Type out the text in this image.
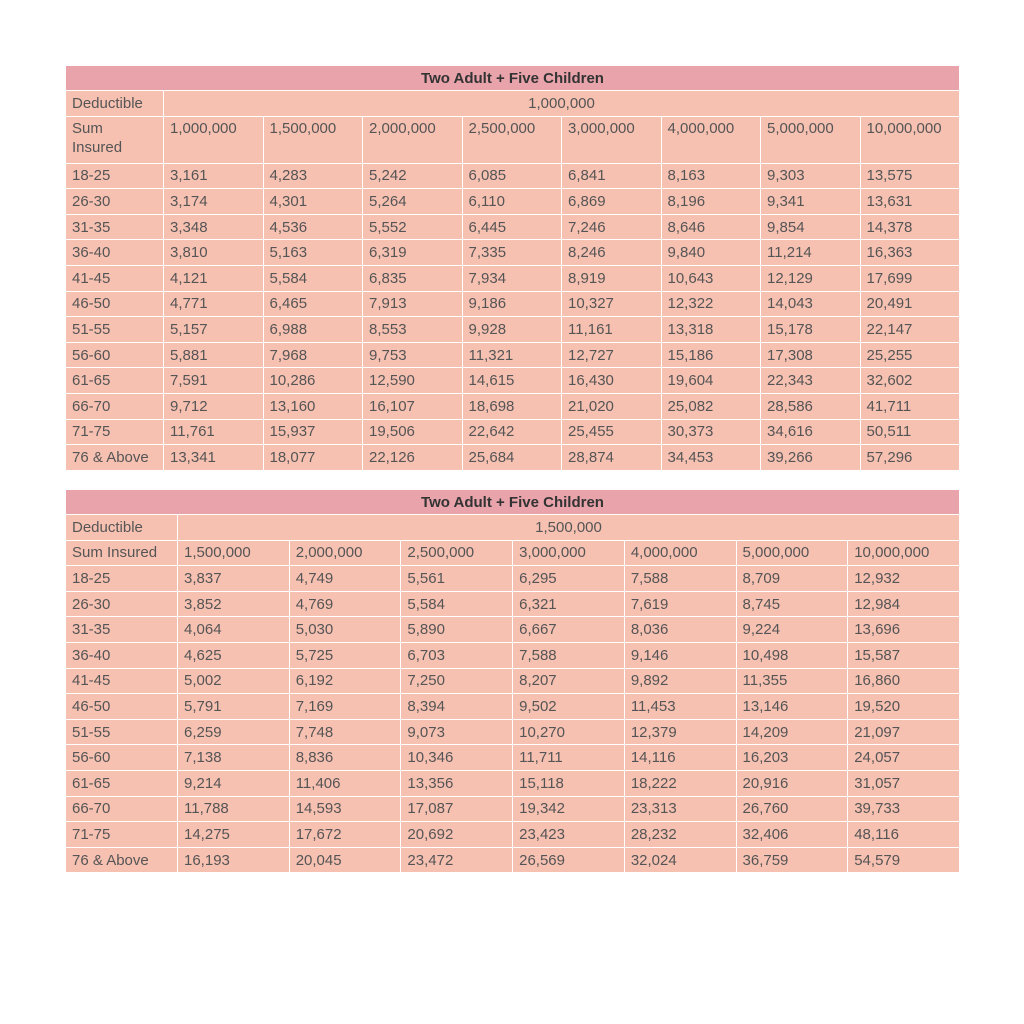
Two Adult + Five Children								
Deductible	1,000,000							
Sum Insured	1,000,000	1,500,000	2,000,000	2,500,000	3,000,000	4,000,000	5,000,000	10,000,000
18-25	3,161	4,283	5,242	6,085	6,841	8,163	9,303	13,575
26-30	3,174	4,301	5,264	6,110	6,869	8,196	9,341	13,631
31-35	3,348	4,536	5,552	6,445	7,246	8,646	9,854	14,378
36-40	3,810	5,163	6,319	7,335	8,246	9,840	11,214	16,363
41-45	4,121	5,584	6,835	7,934	8,919	10,643	12,129	17,699
46-50	4,771	6,465	7,913	9,186	10,327	12,322	14,043	20,491
51-55	5,157	6,988	8,553	9,928	11,161	13,318	15,178	22,147
56-60	5,881	7,968	9,753	11,321	12,727	15,186	17,308	25,255
61-65	7,591	10,286	12,590	14,615	16,430	19,604	22,343	32,602
66-70	9,712	13,160	16,107	18,698	21,020	25,082	28,586	41,711
71-75	11,761	15,937	19,506	22,642	25,455	30,373	34,616	50,511
76 & Above	13,341	18,077	22,126	25,684	28,874	34,453	39,266	57,296
Two Adult + Five Children							
Deductible	1,500,000						
Sum Insured	1,500,000	2,000,000	2,500,000	3,000,000	4,000,000	5,000,000	10,000,000
18-25	3,837	4,749	5,561	6,295	7,588	8,709	12,932
26-30	3,852	4,769	5,584	6,321	7,619	8,745	12,984
31-35	4,064	5,030	5,890	6,667	8,036	9,224	13,696
36-40	4,625	5,725	6,703	7,588	9,146	10,498	15,587
41-45	5,002	6,192	7,250	8,207	9,892	11,355	16,860
46-50	5,791	7,169	8,394	9,502	11,453	13,146	19,520
51-55	6,259	7,748	9,073	10,270	12,379	14,209	21,097
56-60	7,138	8,836	10,346	11,711	14,116	16,203	24,057
61-65	9,214	11,406	13,356	15,118	18,222	20,916	31,057
66-70	11,788	14,593	17,087	19,342	23,313	26,760	39,733
71-75	14,275	17,672	20,692	23,423	28,232	32,406	48,116
76 & Above	16,193	20,045	23,472	26,569	32,024	36,759	54,579
